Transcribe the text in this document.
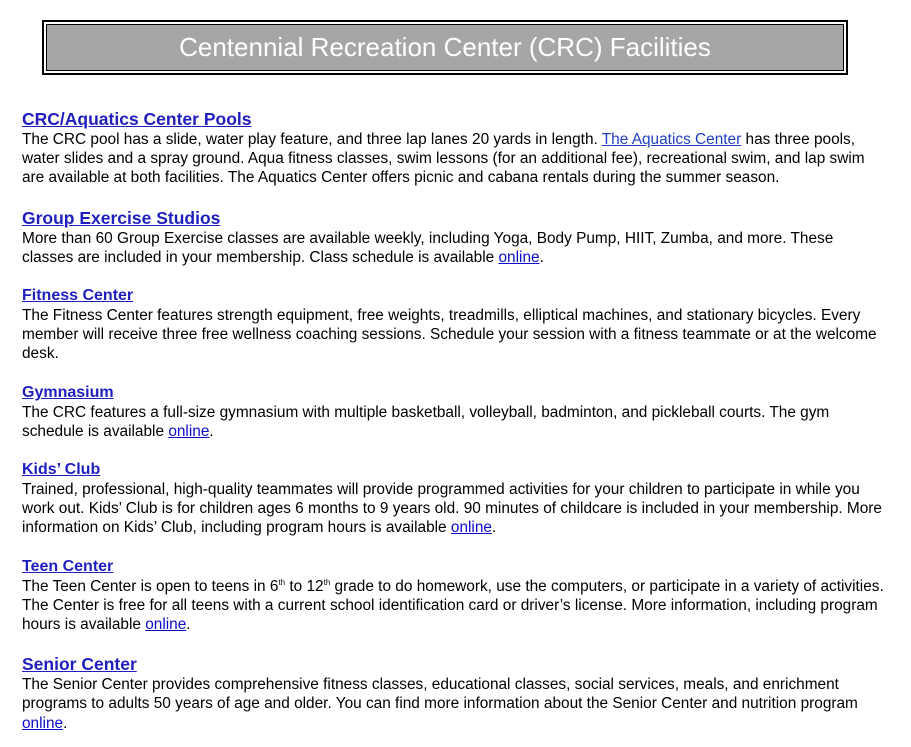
Centennial Recreation Center (CRC) Facilities
CRC/Aquatics Center Pools

The CRC pool has a slide, water play feature, and three lap lanes 20 yards in length. The Aquatics Center has three pools, water slides and a spray ground. Aqua fitness classes, swim lessons (for an additional fee), recreational swim, and lap swim are available at both facilities. The Aquatics Center offers picnic and cabana rentals during the summer season.

Group Exercise Studios

More than 60 Group Exercise classes are available weekly, including Yoga, Body Pump, HIIT, Zumba, and more. These classes are included in your membership. Class schedule is available online.

Fitness Center

The Fitness Center features strength equipment, free weights, treadmills, elliptical machines, and stationary bicycles. Every member will receive three free wellness coaching sessions. Schedule your session with a fitness teammate or at the welcome desk.

Gymnasium

The CRC features a full-size gymnasium with multiple basketball, volleyball, badminton, and pickleball courts. The gym schedule is available online.

Kids’ Club

Trained, professional, high-quality teammates will provide programmed activities for your children to participate in while you work out. Kids’ Club is for children ages 6 months to 9 years old. 90 minutes of childcare is included in your membership. More information on Kids’ Club, including program hours is available online.

Teen Center

The Teen Center is open to teens in 6th to 12th grade to do homework, use the computers, or participate in a variety of activities. The Center is free for all teens with a current school identification card or driver’s license. More information, including program hours is available online.

Senior Center

The Senior Center provides comprehensive fitness classes, educational classes, social services, meals, and enrichment programs to adults 50 years of age and older. You can find more information about the Senior Center and nutrition program online.
